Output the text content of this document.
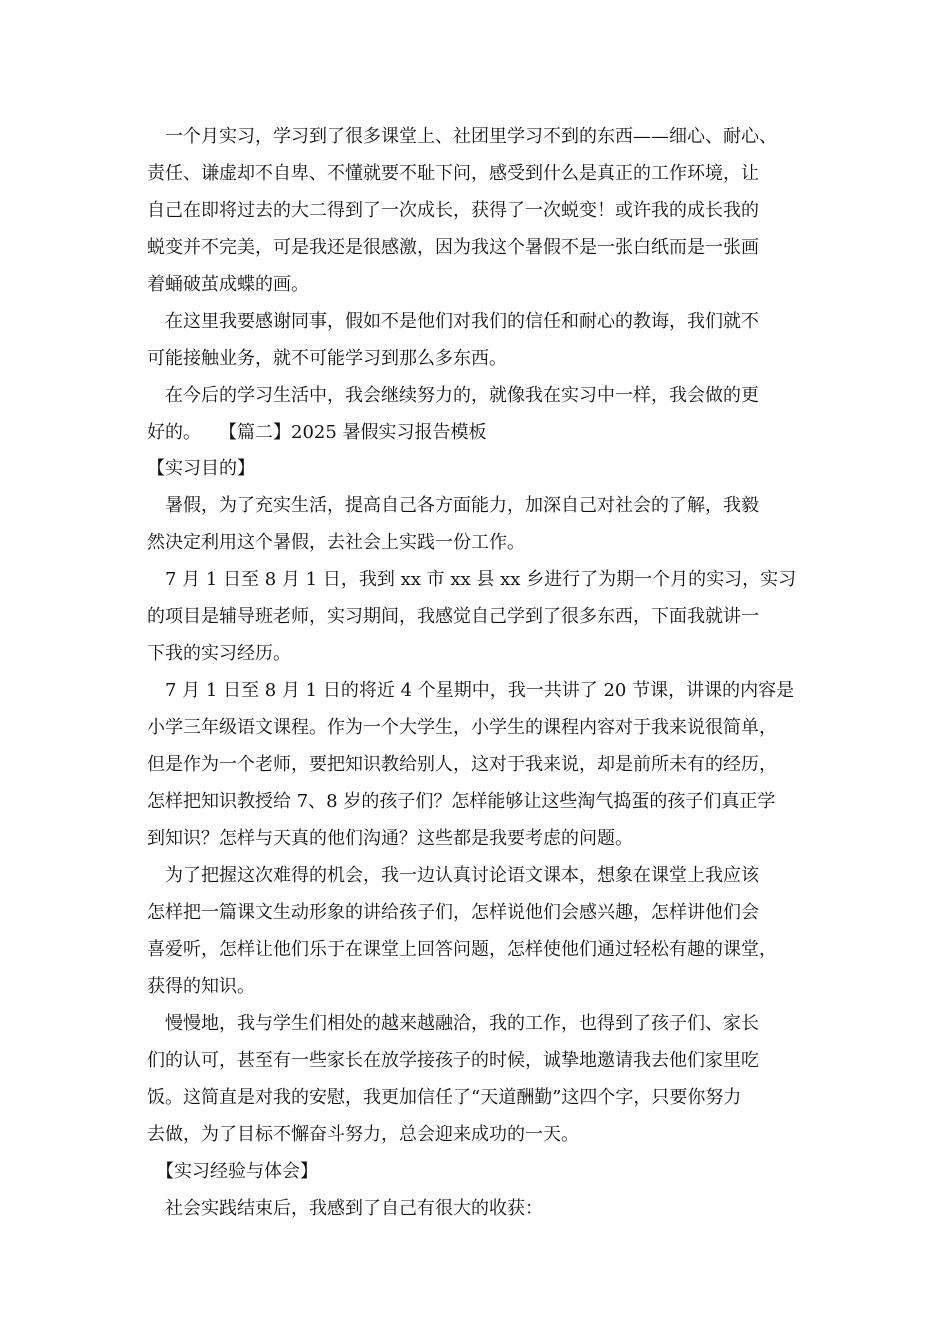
　一个月实习，学习到了很多课堂上、社团里学习不到的东西——细心、耐心、

责任、谦虚却不自卑、不懂就要不耻下问，感受到什么是真正的工作环境，让

自己在即将过去的大二得到了一次成长，获得了一次蜕变！或许我的成长我的

蜕变并不完美，可是我还是很感激，因为我这个暑假不是一张白纸而是一张画

着蛹破茧成蝶的画。

　在这里我要感谢同事，假如不是他们对我们的信任和耐心的教诲，我们就不

可能接触业务，就不可能学习到那么多东西。

　在今后的学习生活中，我会继续努力的，就像我在实习中一样，我会做的更

好的。　　【篇二】2025 暑假实习报告模板

【实习目的】

　暑假，为了充实生活，提高自己各方面能力，加深自己对社会的了解，我毅

然决定利用这个暑假，去社会上实践一份工作。

　7 月 1 日至 8 月 1 日，我到 xx 市 xx 县 xx 乡进行了为期一个月的实习，实习

的项目是辅导班老师，实习期间，我感觉自己学到了很多东西，下面我就讲一

下我的实习经历。

　7 月 1 日至 8 月 1 日的将近 4 个星期中，我一共讲了 20 节课，讲课的内容是

小学三年级语文课程。作为一个大学生，小学生的课程内容对于我来说很简单，

但是作为一个老师，要把知识教给别人，这对于我来说，却是前所未有的经历，

怎样把知识教授给 7、8 岁的孩子们？怎样能够让这些淘气捣蛋的孩子们真正学

到知识？怎样与天真的他们沟通？这些都是我要考虑的问题。

　为了把握这次难得的机会，我一边认真讨论语文课本，想象在课堂上我应该

怎样把一篇课文生动形象的讲给孩子们，怎样说他们会感兴趣，怎样讲他们会

喜爱听，怎样让他们乐于在课堂上回答问题，怎样使他们通过轻松有趣的课堂，

获得的知识。

　慢慢地，我与学生们相处的越来越融洽，我的工作，也得到了孩子们、家长

们的认可，甚至有一些家长在放学接孩子的时候，诚挚地邀请我去他们家里吃

饭。这简直是对我的安慰，我更加信任了“天道酬勤”这四个字，只要你努力

去做，为了目标不懈奋斗努力，总会迎来成功的一天。

　【实习经验与体会】

　社会实践结束后，我感到了自己有很大的收获：
